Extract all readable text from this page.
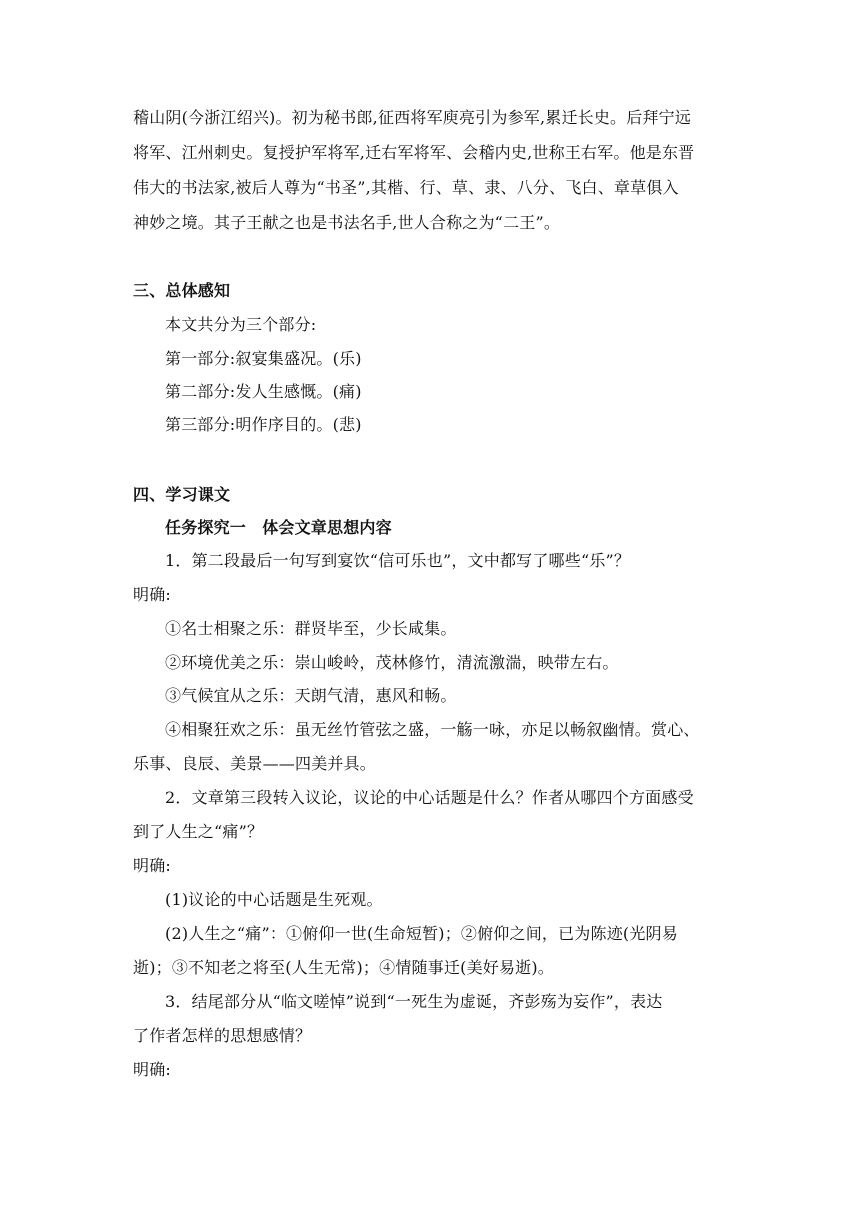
稽山阴(今浙江绍兴)。初为秘书郎,征西将军庾亮引为参军,累迁长史。后拜宁远
将军、江州刺史。复授护军将军,迁右军将军、会稽内史,世称王右军。他是东晋
伟大的书法家,被后人尊为“书圣”,其楷、行、草、隶、八分、飞白、章草俱入
神妙之境。其子王献之也是书法名手,世人合称之为“二王”。
三、总体感知
本文共分为三个部分:
第一部分:叙宴集盛况。(乐)
第二部分:发人生感慨。(痛)
第三部分:明作序目的。(悲)
四、学习课文
任务探究一　体会文章思想内容
1．第二段最后一句写到宴饮“信可乐也”，文中都写了哪些“乐”？
明确:
①名士相聚之乐：群贤毕至，少长咸集。
②环境优美之乐：崇山峻岭，茂林修竹，清流激湍，映带左右。
③气候宜从之乐：天朗气清，惠风和畅。
④相聚狂欢之乐：虽无丝竹管弦之盛，一觞一咏，亦足以畅叙幽情。赏心、
乐事、良辰、美景——四美并具。
2．文章第三段转入议论，议论的中心话题是什么？作者从哪四个方面感受
到了人生之“痛”？
明确:
(1)议论的中心话题是生死观。
(2)人生之“痛”：①俯仰一世(生命短暂)；②俯仰之间，已为陈迹(光阴易
逝)；③不知老之将至(人生无常)；④情随事迁(美好易逝)。
3．结尾部分从“临文嗟悼”说到“一死生为虚诞，齐彭殇为妄作”，表达
了作者怎样的思想感情？
明确:
